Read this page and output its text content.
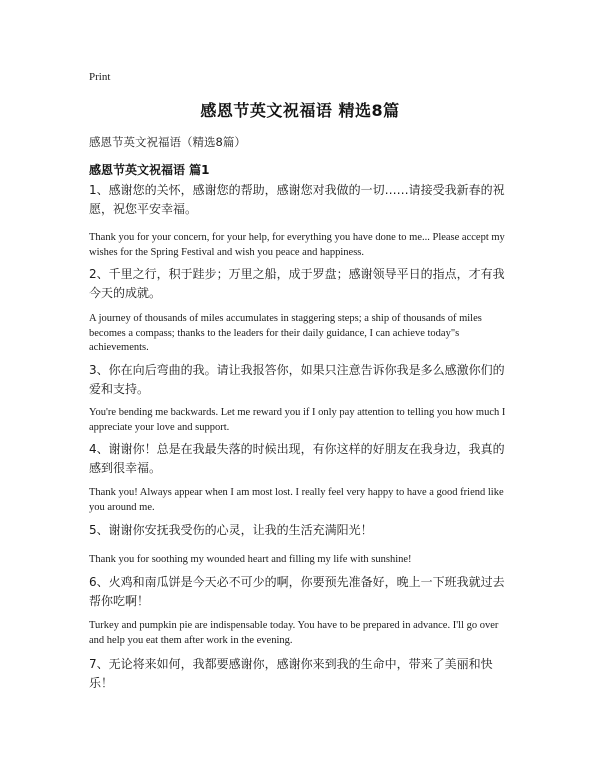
Print
感恩节英文祝福语 精选8篇
感恩节英文祝福语（精选8篇）
感恩节英文祝福语 篇1

1、感谢您的关怀，感谢您的帮助，感谢您对我做的一切……请接受我新春的祝愿，祝您平安幸福。

Thank you for your concern, for your help, for everything you have done to me... Please accept my wishes for the Spring Festival and wish you peace and happiness.

2、千里之行，积于跬步；万里之船，成于罗盘；感谢领导平日的指点，才有我今天的成就。

A journey of thousands of miles accumulates in staggering steps; a ship of thousands of miles becomes a compass; thanks to the leaders for their daily guidance, I can achieve today"s achievements.

3、你在向后弯曲的我。请让我报答你，如果只注意告诉你我是多么感激你们的爱和支持。

You're bending me backwards. Let me reward you if I only pay attention to telling you how much I appreciate your love and support.

4、谢谢你！总是在我最失落的时候出现，有你这样的好朋友在我身边，我真的感到很幸福。

Thank you! Always appear when I am most lost. I really feel very happy to have a good friend like you around me.

5、谢谢你安抚我受伤的心灵，让我的生活充满阳光！

Thank you for soothing my wounded heart and filling my life with sunshine!

6、火鸡和南瓜饼是今天必不可少的啊，你要预先准备好，晚上一下班我就过去帮你吃啊！

Turkey and pumpkin pie are indispensable today. You have to be prepared in advance. I'll go over and help you eat them after work in the evening.

7、无论将来如何，我都要感谢你，感谢你来到我的生命中，带来了美丽和快乐！
